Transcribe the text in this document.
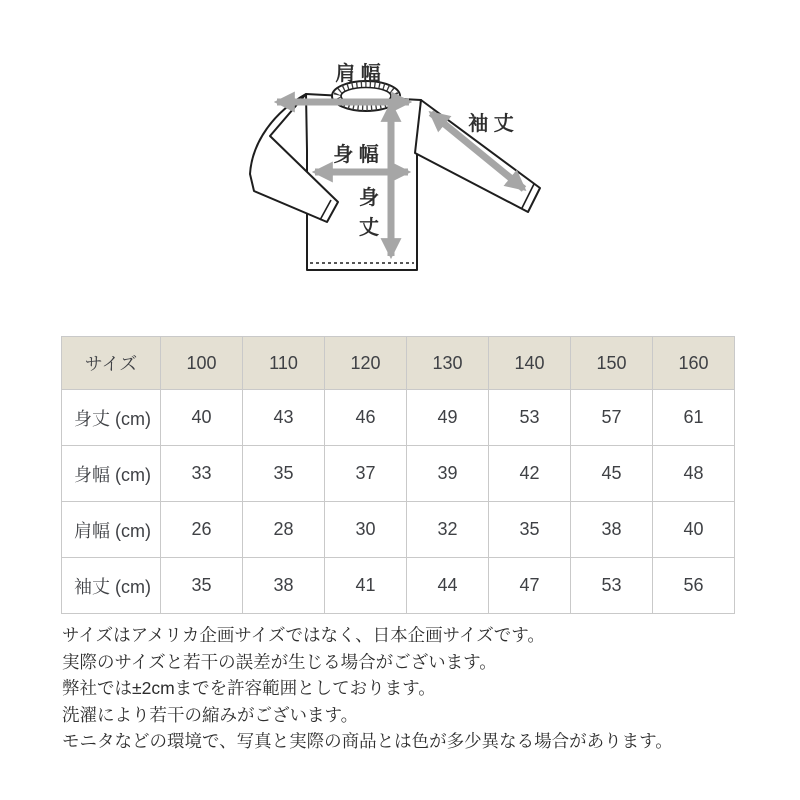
肩 幅
袖 丈
身 幅
身
丈
サイズ	100	110	120	130	140	150	160
身丈 (cm)	40	43	46	49	53	57	61
身幅 (cm)	33	35	37	39	42	45	48
肩幅 (cm)	26	28	30	32	35	38	40
袖丈 (cm)	35	38	41	44	47	53	56
サイズはアメリカ企画サイズではなく、日本企画サイズです。
実際のサイズと若干の誤差が生じる場合がございます。
弊社では±2cmまでを許容範囲としております。
洗濯により若干の縮みがございます。
モニタなどの環境で、写真と実際の商品とは色が多少異なる場合があります。
